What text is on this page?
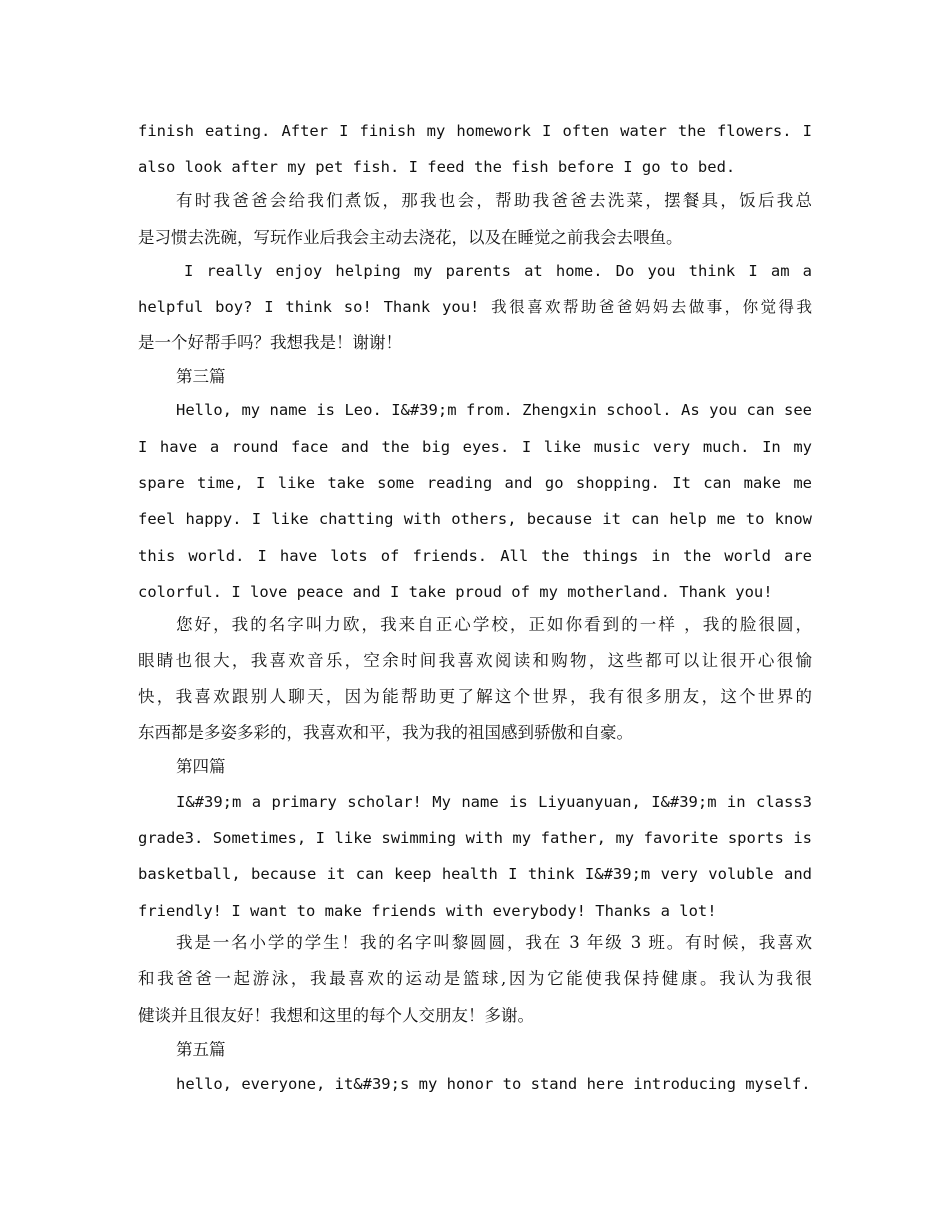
finish eating. After I finish my homework I often water the flowers. I
also look after my pet fish. I feed the fish before I go to bed.
有时我爸爸会给我们煮饭，那我也会，帮助我爸爸去洗菜，摆餐具，饭后我总
是习惯去洗碗，写玩作业后我会主动去浇花，以及在睡觉之前我会去喂鱼。
I really enjoy helping my parents at home. Do you think I am a
helpful boy? I think so! Thank you! 我很喜欢帮助爸爸妈妈去做事，你觉得我
是一个好帮手吗？我想我是！谢谢！
第三篇
Hello, my name is Leo. I&#39;m from. Zhengxin school. As you can see
I have a round face and the big eyes. I like music very much. In my
spare time, I like take some reading and go shopping. It can make me
feel happy. I like chatting with others, because it can help me to know
this world. I have lots of friends. All the things in the world are
colorful. I love peace and I take proud of my motherland. Thank you!
您好，我的名字叫力欧，我来自正心学校，正如你看到的一样 ，我的脸很圆，
眼睛也很大，我喜欢音乐，空余时间我喜欢阅读和购物，这些都可以让很开心很愉
快，我喜欢跟别人聊天，因为能帮助更了解这个世界，我有很多朋友，这个世界的
东西都是多姿多彩的，我喜欢和平，我为我的祖国感到骄傲和自豪。
第四篇
I&#39;m a primary scholar! My name is Liyuanyuan, I&#39;m in class3
grade3. Sometimes, I like swimming with my father, my favorite sports is
basketball, because it can keep health I think I&#39;m very voluble and
friendly! I want to make friends with everybody! Thanks a lot!
我是一名小学的学生！我的名字叫黎圆圆，我在 3 年级 3 班。有时候，我喜欢
和我爸爸一起游泳，我最喜欢的运动是篮球,因为它能使我保持健康。我认为我很
健谈并且很友好！我想和这里的每个人交朋友！多谢。
第五篇
hello, everyone, it&#39;s my honor to stand here introducing myself.
